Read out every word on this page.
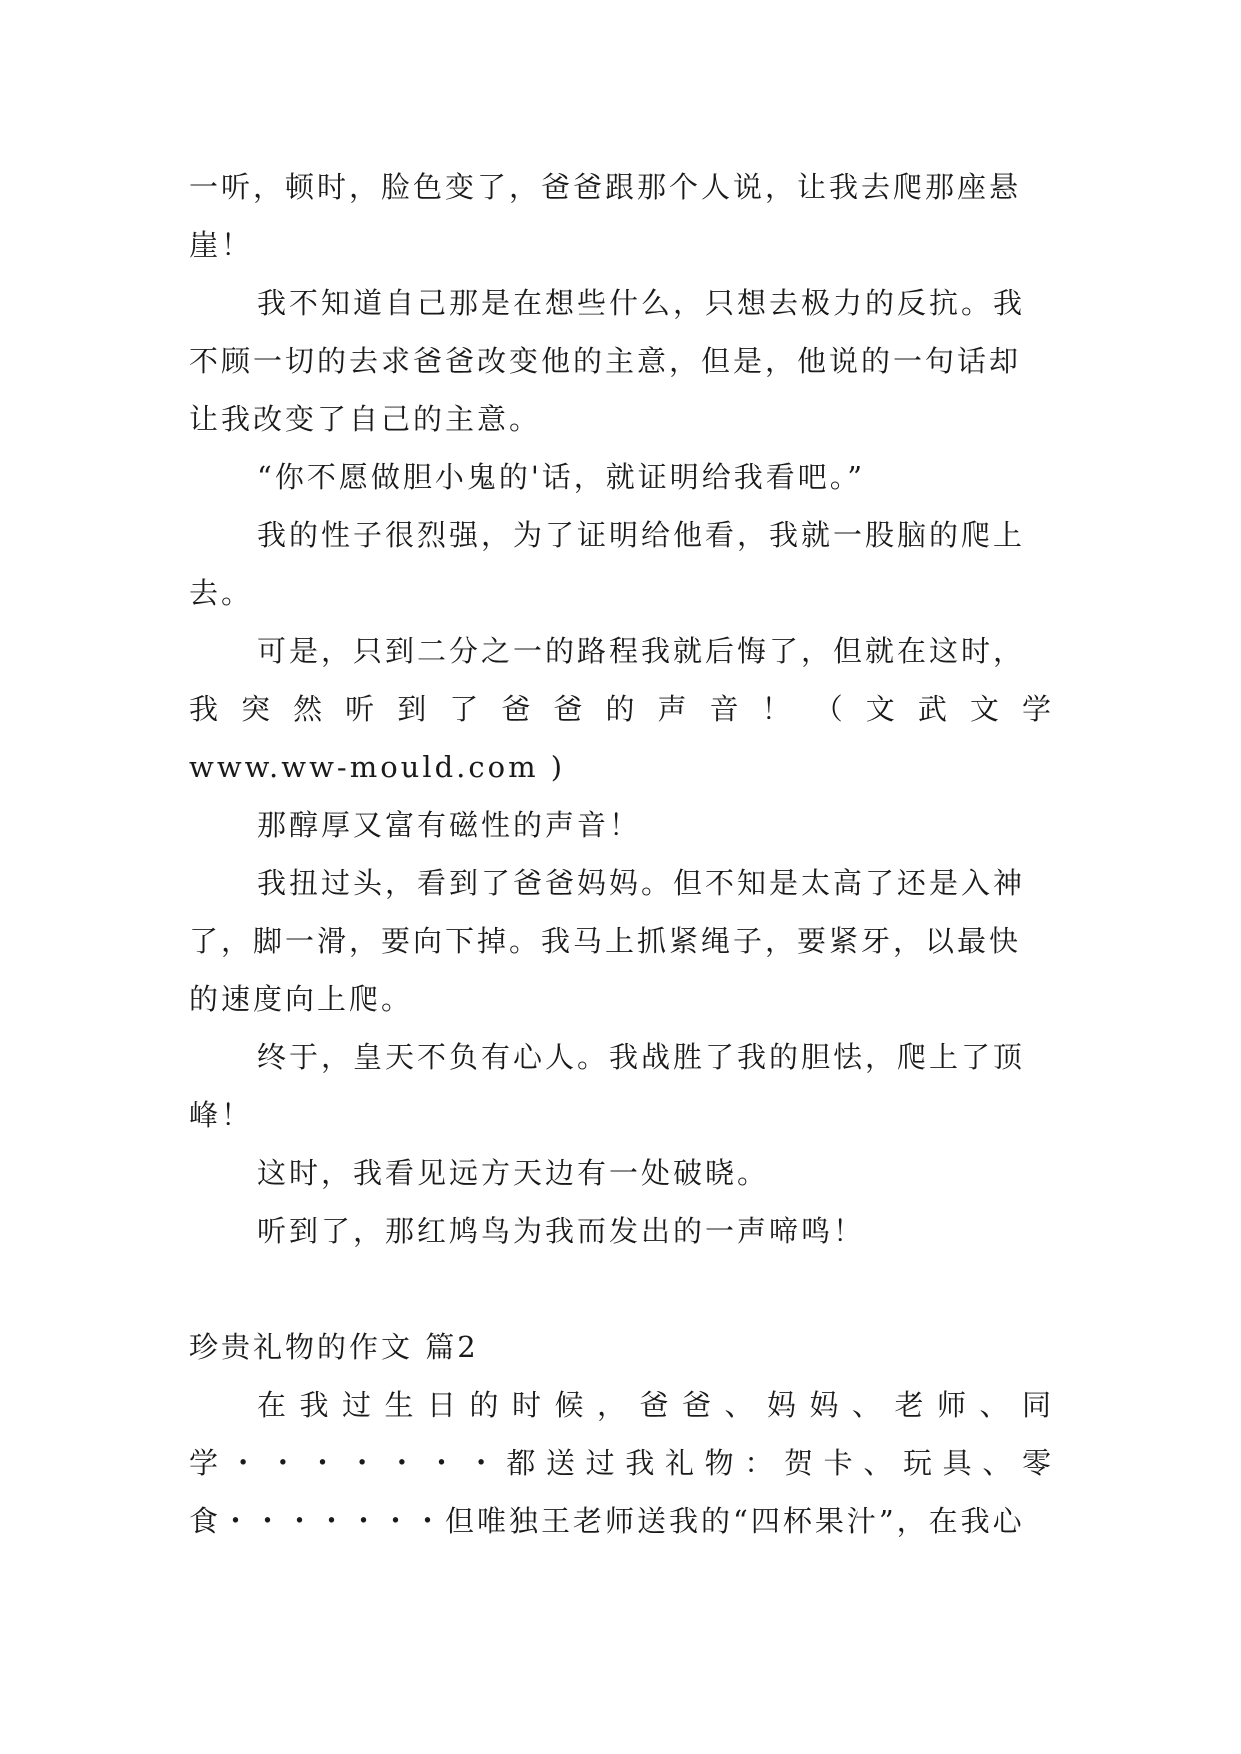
一听，顿时，脸色变了，爸爸跟那个人说，让我去爬那座悬
崖！
我不知道自己那是在想些什么，只想去极力的反抗。我
不顾一切的去求爸爸改变他的主意，但是，他说的一句话却
让我改变了自己的主意。
“你不愿做胆小鬼的'话，就证明给我看吧。”
我的性子很烈强，为了证明给他看，我就一股脑的爬上
去。
可是，只到二分之一的路程我就后悔了，但就在这时，
我 突 然 听 到 了 爸 爸 的 声 音 ！ （ 文 武 文 学
www.ww-mould.com )
那醇厚又富有磁性的声音！
我扭过头，看到了爸爸妈妈。但不知是太高了还是入神
了，脚一滑，要向下掉。我马上抓紧绳子，要紧牙，以最快
的速度向上爬。
终于，皇天不负有心人。我战胜了我的胆怯，爬上了顶
峰！
这时，我看见远方天边有一处破晓。
听到了，那红鸠鸟为我而发出的一声啼鸣！
珍贵礼物的作文 篇2
在我过生日的时候，爸爸、妈妈、老师、同
学・・・・・・・都送过我礼物：贺卡、玩具、零
食・・・・・・・但唯独王老师送我的“四杯果汁”，在我心
